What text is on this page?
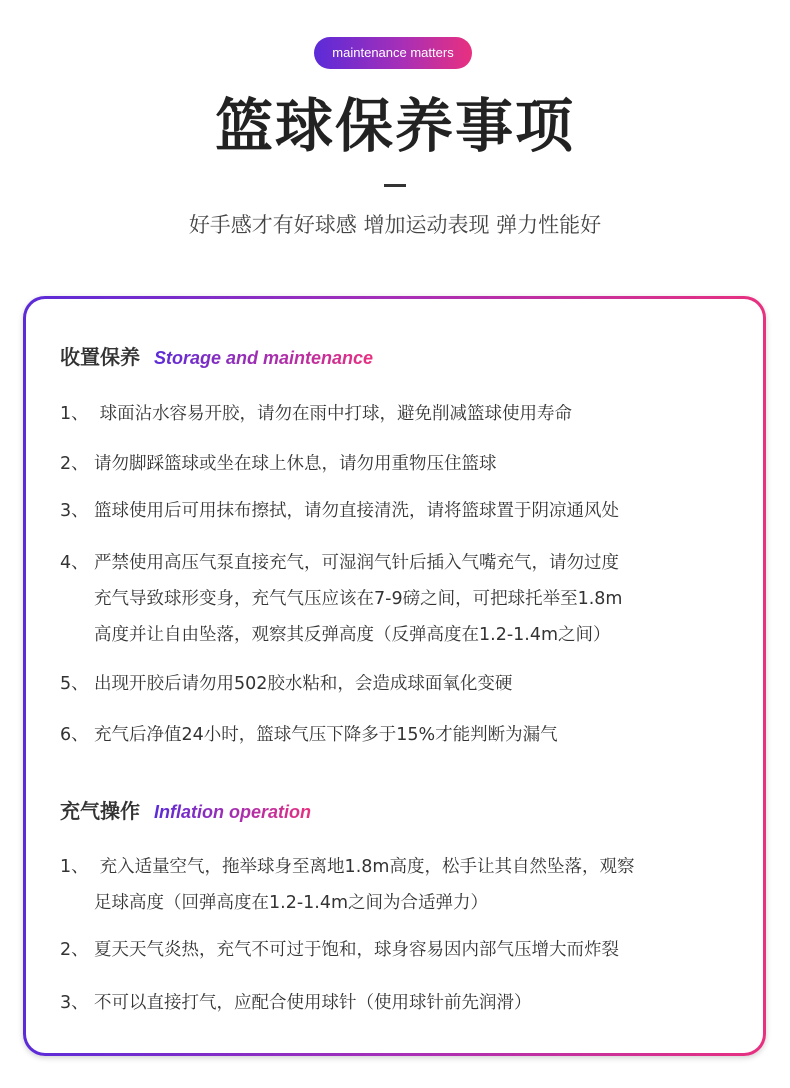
maintenance matters
篮球保养事项
好手感才有好球感 增加运动表现 弹力性能好
收置保养 Storage and maintenance
1、 球面沾水容易开胶，请勿在雨中打球，避免削减篮球使用寿命
2、 请勿脚踩篮球或坐在球上休息，请勿用重物压住篮球
3、 篮球使用后可用抹布擦拭，请勿直接清洗，请将篮球置于阴凉通风处
4、 严禁使用高压气泵直接充气，可湿润气针后插入气嘴充气，请勿过度
充气导致球形变身，充气气压应该在7-9磅之间，可把球托举至1.8m
高度并让自由坠落，观察其反弹高度（反弹高度在1.2-1.4m之间）
5、 出现开胶后请勿用502胶水粘和，会造成球面氧化变硬
6、 充气后净值24小时，篮球气压下降多于15%才能判断为漏气
充气操作 Inflation operation
1、 充入适量空气，拖举球身至离地1.8m高度，松手让其自然坠落，观察
足球高度（回弹高度在1.2-1.4m之间为合适弹力）
2、 夏天天气炎热，充气不可过于饱和，球身容易因内部气压增大而炸裂
3、 不可以直接打气，应配合使用球针（使用球针前先润滑）
